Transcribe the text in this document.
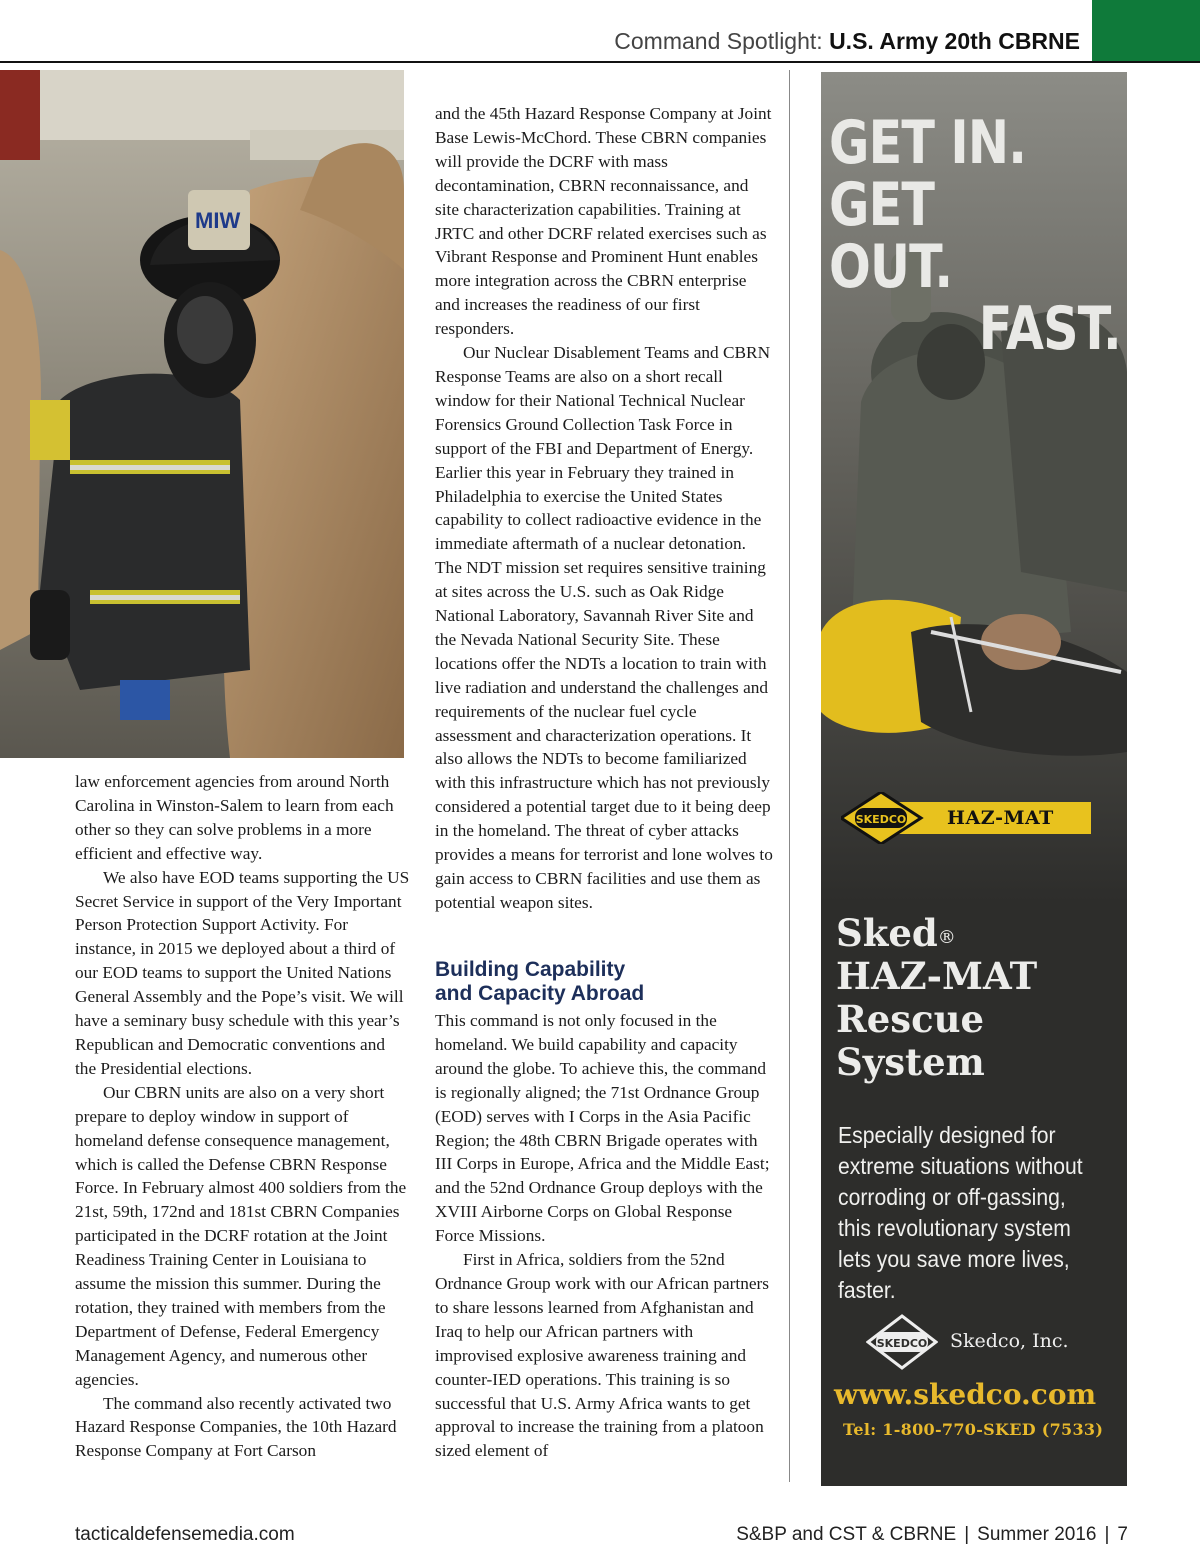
Command Spotlight: U.S. Army 20th CBRNE
MIW

law enforcement agencies from around North Carolina in Winston-Salem to learn from each other so they can solve problems in a more efficient and effective way.

We also have EOD teams supporting the US Secret Service in support of the Very Important Person Protection Support Activity. For instance, in 2015 we deployed about a third of our EOD teams to support the United Nations General Assembly and the Pope’s visit. We will have a seminary busy schedule with this year’s Republican and Democratic conventions and the Presidential elections.

Our CBRN units are also on a very short prepare to deploy window in support of homeland defense consequence management, which is called the Defense CBRN Response Force. In February almost 400 soldiers from the 21st, 59th, 172nd and 181st CBRN Companies participated in the DCRF rotation at the Joint Readiness Training Center in Louisiana to assume the mission this summer. During the rotation, they trained with members from the Department of Defense, Federal Emergency Management Agency, and numerous other agencies.

The command also recently activated two Hazard Response Companies, the 10th Hazard Response Company at Fort Carson

and the 45th Hazard Response Company at Joint Base Lewis-McChord. These CBRN companies will provide the DCRF with mass decontamination, CBRN reconnaissance, and site characterization capabilities. Training at JRTC and other DCRF related exercises such as Vibrant Response and Prominent Hunt enables more integration across the CBRN enterprise and increases the readiness of our first responders.

Our Nuclear Disablement Teams and CBRN Response Teams are also on a short recall window for their National Technical Nuclear Forensics Ground Collection Task Force in support of the FBI and Department of Energy. Earlier this year in February they trained in Philadelphia to exercise the United States capability to collect radioactive evidence in the immediate aftermath of a nuclear detonation. The NDT mission set requires sensitive training at sites across the U.S. such as Oak Ridge National Laboratory, Savannah River Site and the Nevada National Security Site. These locations offer the NDTs a location to train with live radiation and understand the challenges and requirements of the nuclear fuel cycle assessment and characterization operations. It also allows the NDTs to become familiarized with this infrastructure which has not previously considered a potential target due to it being deep in the homeland. The threat of cyber attacks provides a means for terrorist and lone wolves to gain access to CBRN facilities and use them as potential weapon sites.

Building Capability
and Capacity Abroad

This command is not only focused in the homeland. We build capability and capacity around the globe. To achieve this, the command is regionally aligned; the 71st Ordnance Group (EOD) serves with I Corps in the Asia Pacific Region; the 48th CBRN Brigade operates with III Corps in Europe, Africa and the Middle East; and the 52nd Ordnance Group deploys with the XVIII Airborne Corps on Global Response Force Missions.

First in Africa, soldiers from the 52nd Ordnance Group work with our African partners to share lessons learned from Afghanistan and Iraq to help our African partners with improvised explosive awareness training and counter-IED operations. This training is so successful that U.S. Army Africa wants to get approval to increase the training from a platoon sized element of

GET IN.
GET OUT.
FAST.
SKEDCO HAZ-MAT
Sked®
HAZ-MAT
Rescue
System
Especially designed for extreme situations without corroding or off-gassing, this revolutionary system lets you save more lives, faster.
SKEDCO Skedco, Inc.
www.skedco.com
Tel: 1-800-770-SKED (7533)
tacticaldefensemedia.com	S&BP and CST & CBRNE | Summer 2016 | 7
